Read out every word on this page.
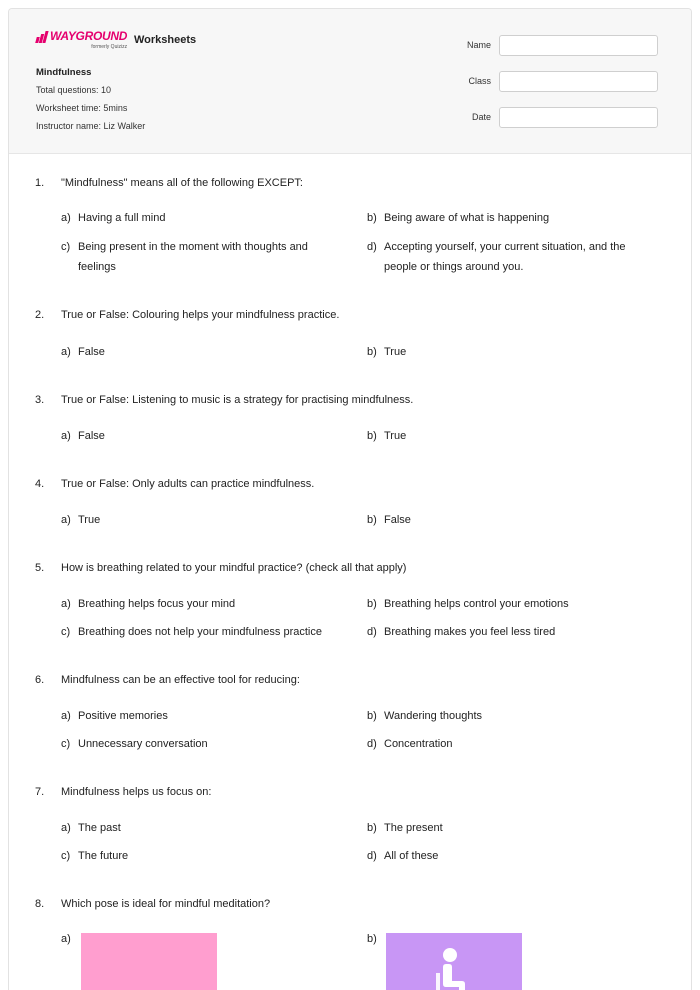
WAYGROUND
formerly Quizizz
Worksheets
Mindfulness
Total questions: 10
Worksheet time: 5mins
Instructor name: Liz Walker
Name
Class
Date
1.	"Mindfulness" means all of the following EXCEPT:
a) Having a full mind	b) Being aware of what is happening
c) Being present in the moment with thoughts and feelings
d) Accepting yourself, your current situation, and the people or things around you.
2.	True or False: Colouring helps your mindfulness practice.
a) False	b) True
3.	True or False: Listening to music is a strategy for practising mindfulness.
a) False	b) True
4.	True or False: Only adults can practice mindfulness.
a) True	b) False
5.	How is breathing related to your mindful practice? (check all that apply)
a) Breathing helps focus your mind	b) Breathing helps control your emotions
c) Breathing does not help your mindfulness practice	d) Breathing makes you feel less tired
6.	Mindfulness can be an effective tool for reducing:
a) Positive memories	b) Wandering thoughts
c) Unnecessary conversation	d) Concentration
7.	Mindfulness helps us focus on:
a) The past	b) The present
c) The future	d) All of these
8.	Which pose is ideal for mindful meditation?
a)	b)
